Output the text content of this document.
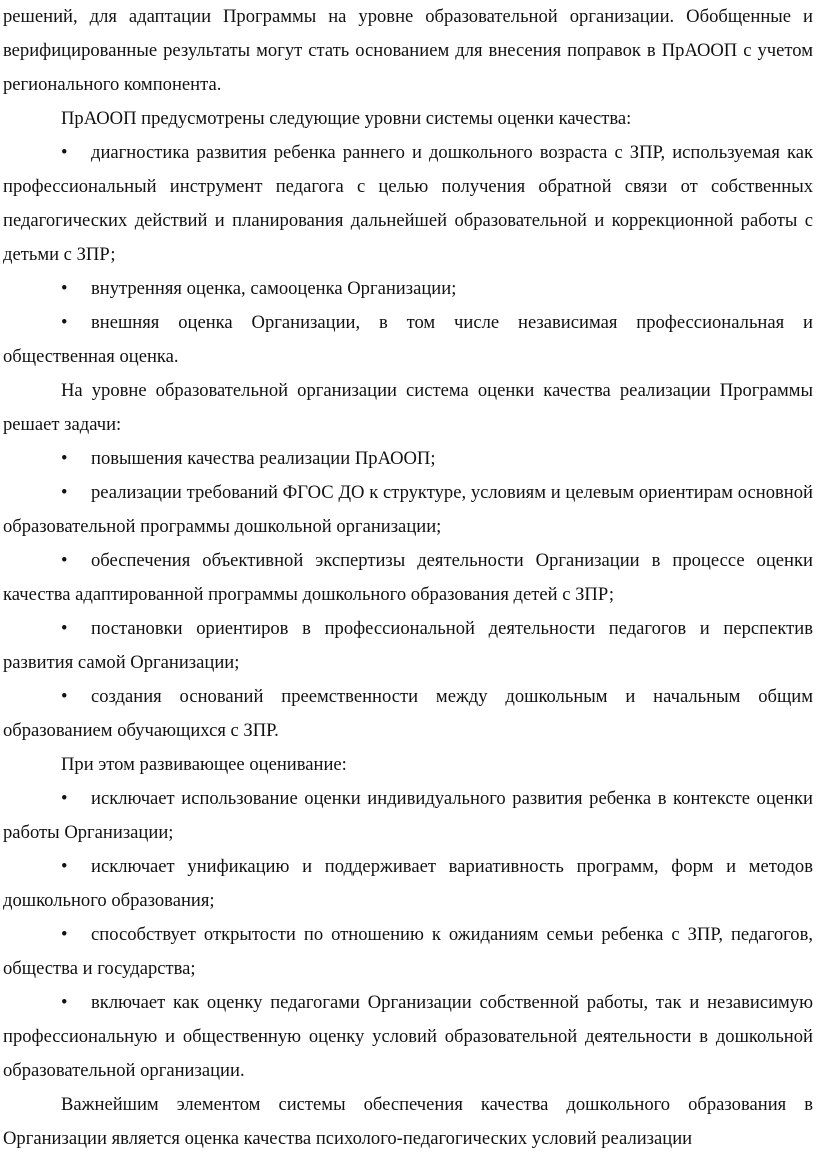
решений, для адаптации Программы на уровне образовательной организации. Обобщенные и верифицированные результаты могут стать основанием для внесения поправок в ПрАООП с учетом регионального компонента.

ПрАООП предусмотрены следующие уровни системы оценки качества:

• диагностика развития ребенка раннего и дошкольного возраста с ЗПР, используемая как профессиональный инструмент педагога с целью получения обратной связи от собственных педагогических действий и планирования дальнейшей образовательной и коррекционной работы с детьми с ЗПР;

• внутренняя оценка, самооценка Организации;

• внешняя оценка Организации, в том числе независимая профессиональная и общественная оценка.

На уровне образовательной организации система оценки качества реализации Программы решает задачи:

• повышения качества реализации ПрАООП;

• реализации требований ФГОС ДО к структуре, условиям и целевым ориентирам основной образовательной программы дошкольной организации;

• обеспечения объективной экспертизы деятельности Организации в процессе оценки качества адаптированной программы дошкольного образования детей с ЗПР;

• постановки ориентиров в профессиональной деятельности педагогов и перспектив развития самой Организации;

• создания оснований преемственности между дошкольным и начальным общим образованием обучающихся с ЗПР.

При этом развивающее оценивание:

• исключает использование оценки индивидуального развития ребенка в контексте оценки работы Организации;

• исключает унификацию и поддерживает вариативность программ, форм и методов дошкольного образования;

• способствует открытости по отношению к ожиданиям семьи ребенка с ЗПР, педагогов, общества и государства;

• включает как оценку педагогами Организации собственной работы, так и независимую профессиональную и общественную оценку условий образовательной деятельности в дошкольной образовательной организации.

Важнейшим элементом системы обеспечения качества дошкольного образования в Организации является оценка качества психолого-педагогических условий реализации
